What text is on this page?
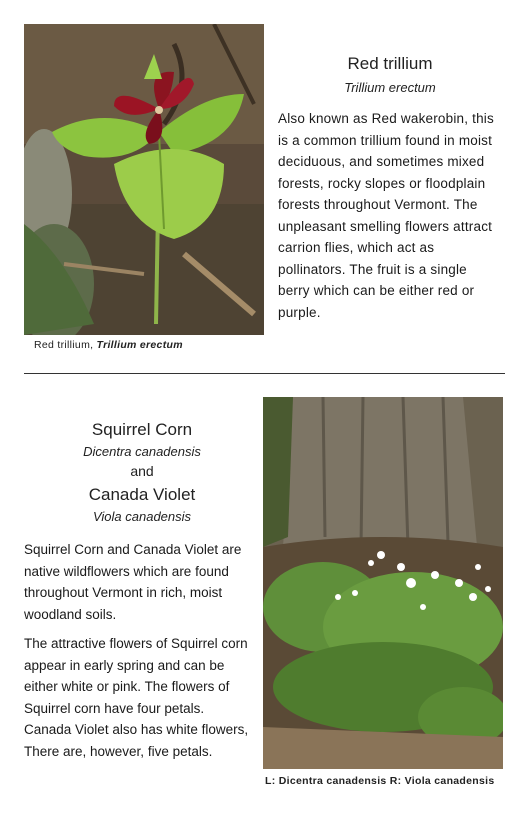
Red trillium, Trillium erectum
Red trillium
Trillium erectum

Also known as Red wakerobin, this is a common trillium found in moist deciduous, and sometimes mixed forests, rocky slopes or floodplain forests throughout Vermont. The unpleasant smelling flowers attract carrion flies, which act as pollinators. The fruit is a single berry which can be either red or purple.

Squirrel Corn
Dicentra canadensis
and
Canada Violet
Viola canadensis

Squirrel Corn and Canada Violet are native wildflowers which are found throughout Vermont in rich, moist woodland soils.

The attractive flowers of Squirrel corn appear in early spring and can be either white or pink. The flowers of Squirrel corn have four petals. Canada Violet also has white flowers, There are, however, five petals.

L: Dicentra canadensis R: Viola canadensis
